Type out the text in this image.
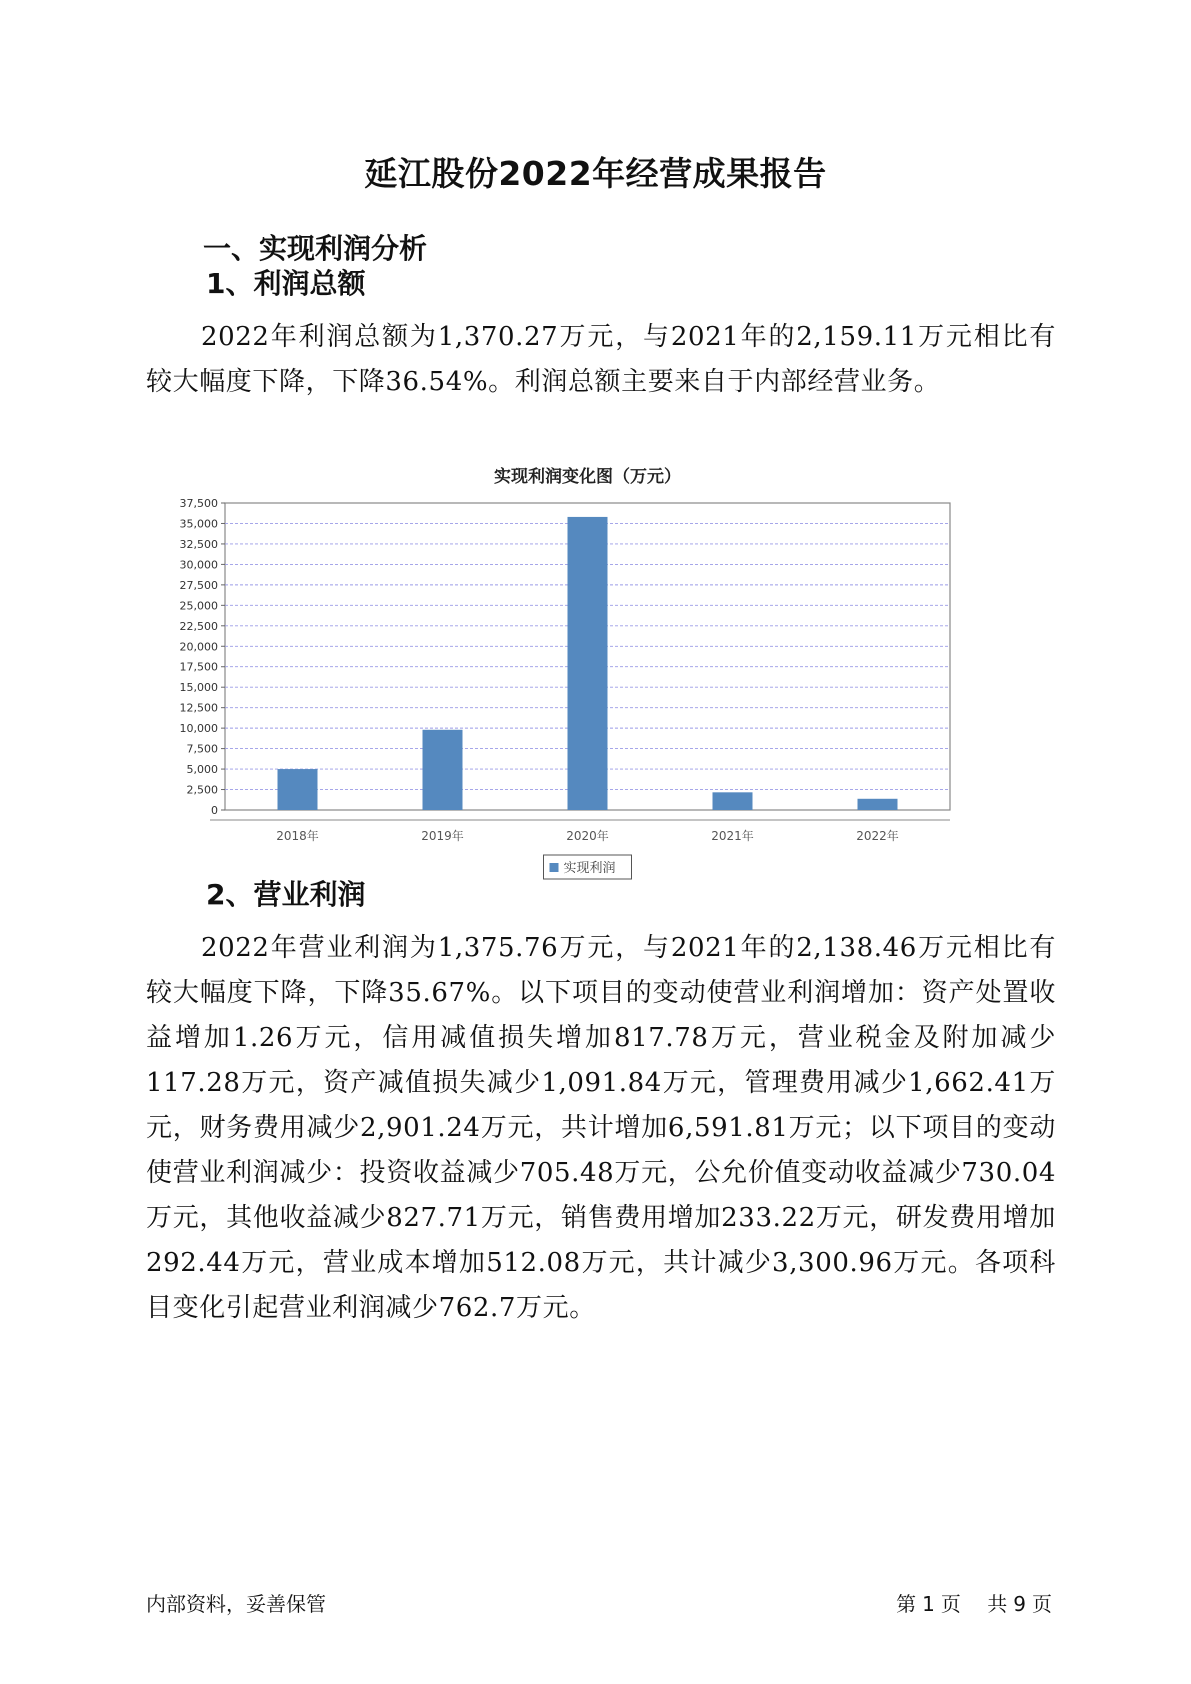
延江股份2022年经营成果报告
一、实现利润分析
1、利润总额
2022年利润总额为1,370.27万元，与2021年的2,159.11万元相比有较大幅度下降，下降36.54%。利润总额主要来自于内部经营业务。
实现利润变化图（万元）
0
2,500
5,000
7,500
10,000
12,500
15,000
17,500
20,000
22,500
25,000
27,500
30,000
32,500
35,000
37,500
2018年	2019年	2020年	2021年	2022年
实现利润
2、营业利润
2022年营业利润为1,375.76万元，与2021年的2,138.46万元相比有较大幅度下降，下降35.67%。以下项目的变动使营业利润增加：资产处置收益增加1.26万元，信用减值损失增加817.78万元，营业税金及附加减少117.28万元，资产减值损失减少1,091.84万元，管理费用减少1,662.41万元，财务费用减少2,901.24万元，共计增加6,591.81万元；以下项目的变动使营业利润减少：投资收益减少705.48万元，公允价值变动收益减少730.04万元，其他收益减少827.71万元，销售费用增加233.22万元，研发费用增加292.44万元，营业成本增加512.08万元，共计减少3,300.96万元。各项科目变化引起营业利润减少762.7万元。
内部资料，妥善保管	第 1 页 共 9 页
